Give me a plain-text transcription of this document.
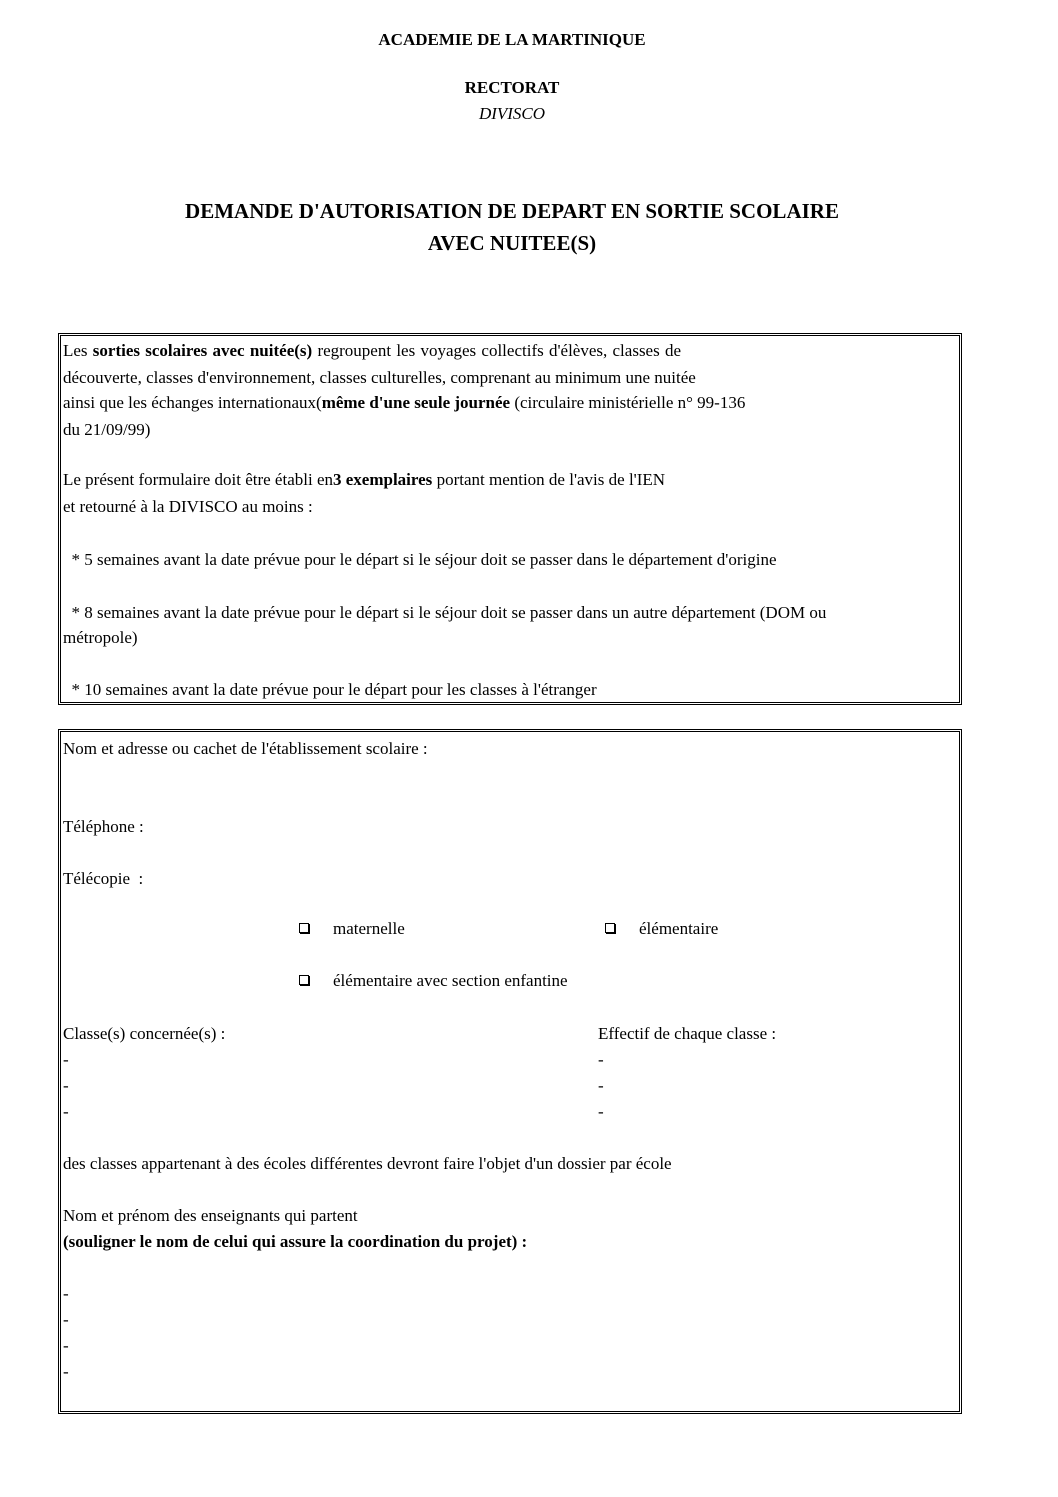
ACADEMIE DE LA MARTINIQUE
RECTORAT
DIVISCO
DEMANDE D'AUTORISATION DE DEPART EN SORTIE SCOLAIRE
AVEC NUITEE(S)
Les sorties scolaires avec nuitée(s) regroupent les voyages collectifs d'élèves, classes de
découverte, classes d'environnement, classes culturelles, comprenant au minimum une nuitée
ainsi que les échanges internationaux(même d'une seule journée (circulaire ministérielle n° 99-136
du 21/09/99)
Le présent formulaire doit être établi en3 exemplaires portant mention de l'avis de l'IEN
et retourné à la DIVISCO au moins :
* 5 semaines avant la date prévue pour le départ si le séjour doit se passer dans le département d'origine
* 8 semaines avant la date prévue pour le départ si le séjour doit se passer dans un autre département (DOM ou
métropole)
* 10 semaines avant la date prévue pour le départ pour les classes à l'étranger
Nom et adresse ou cachet de l'établissement scolaire :
Téléphone :
Télécopie  :
maternelle	élémentaire
élémentaire avec section enfantine
Classe(s) concernée(s) :	Effectif de chaque classe :
-
-
-
-
-
-
des classes appartenant à des écoles différentes devront faire l'objet d'un dossier par école
Nom et prénom des enseignants qui partent
(souligner le nom de celui qui assure la coordination du projet) :
-
-
-
-
